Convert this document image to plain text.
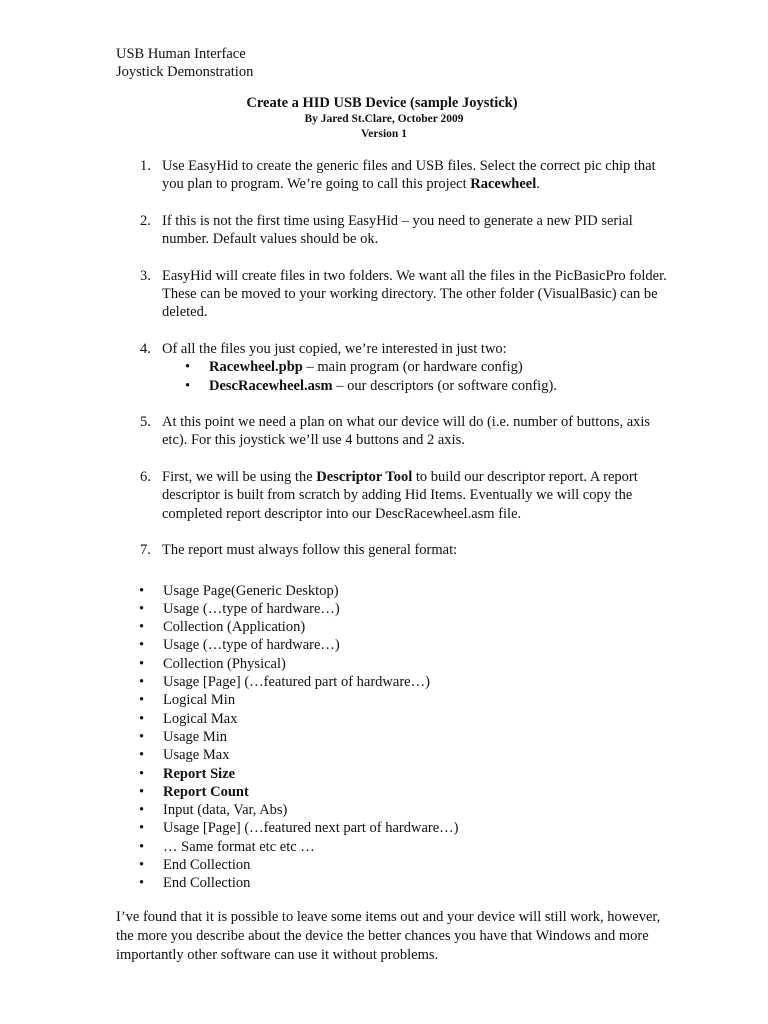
USB Human Interface
Joystick Demonstration
Create a HID USB Device (sample Joystick)
By Jared St.Clare, October 2009
Version 1
1. Use EasyHid to create the generic files and USB files. Select the correct pic chip that you plan to program. We’re going to call this project Racewheel.
2. If this is not the first time using EasyHid – you need to generate a new PID serial number. Default values should be ok.
3. EasyHid will create files in two folders. We want all the files in the PicBasicPro folder. These can be moved to your working directory. The other folder (VisualBasic) can be deleted.
4. Of all the files you just copied, we’re interested in just two:
• Racewheel.pbp – main program (or hardware config)
• DescRacewheel.asm – our descriptors (or software config).
5. At this point we need a plan on what our device will do (i.e. number of buttons, axis etc). For this joystick we’ll use 4 buttons and 2 axis.
6. First, we will be using the Descriptor Tool to build our descriptor report. A report descriptor is built from scratch by adding Hid Items. Eventually we will copy the completed report descriptor into our DescRacewheel.asm file.
7. The report must always follow this general format:
• Usage Page(Generic Desktop)
• Usage (…type of hardware…)
• Collection (Application)
• Usage (…type of hardware…)
• Collection (Physical)
• Usage [Page] (…featured part of hardware…)
• Logical Min
• Logical Max
• Usage Min
• Usage Max
• Report Size
• Report Count
• Input (data, Var, Abs)
• Usage [Page] (…featured next part of hardware…)
• … Same format etc etc …
• End Collection
• End Collection
I’ve found that it is possible to leave some items out and your device will still work, however, the more you describe about the device the better chances you have that Windows and more importantly other software can use it without problems.
